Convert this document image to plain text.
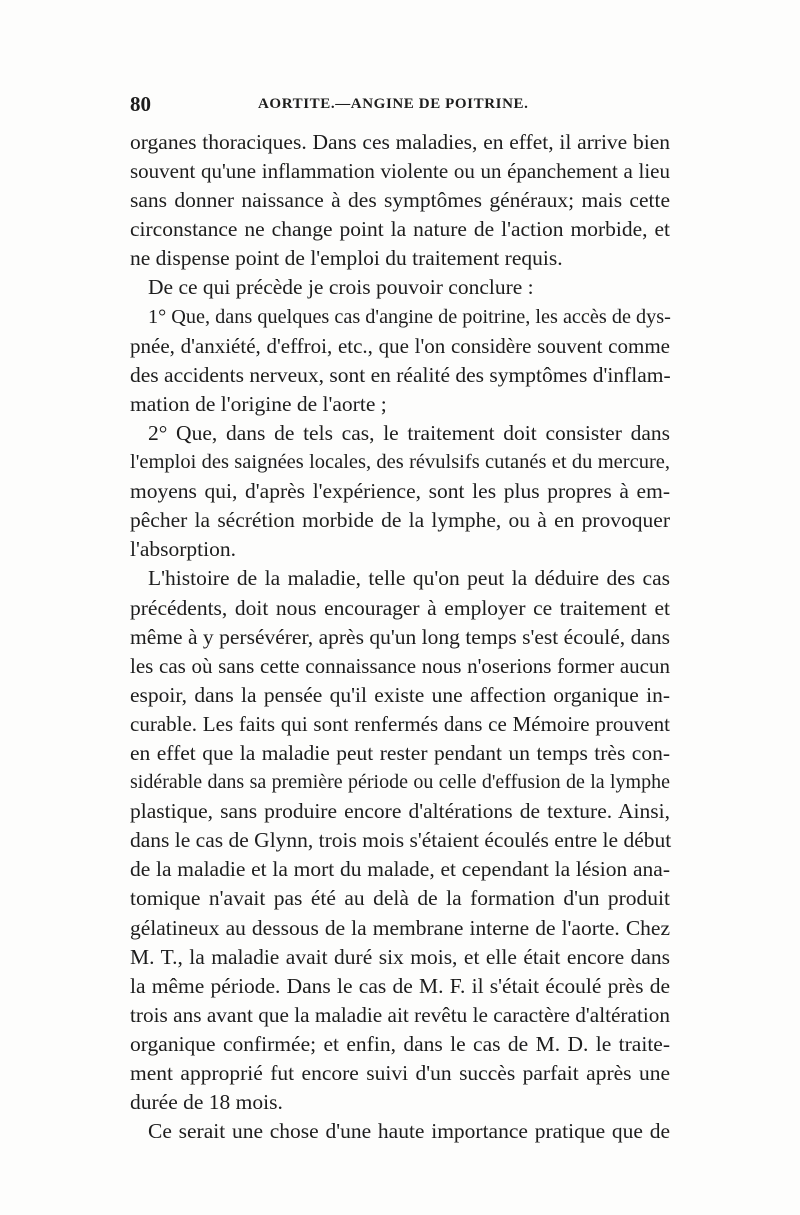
80	AORTITE.—ANGINE DE POITRINE.
organes thoraciques. Dans ces maladies, en effet, il arrive bien
souvent qu'une inflammation violente ou un épanchement a lieu
sans donner naissance à des symptômes généraux; mais cette
circonstance ne change point la nature de l'action morbide, et
ne dispense point de l'emploi du traitement requis.
De ce qui précède je crois pouvoir conclure :
1° Que, dans quelques cas d'angine de poitrine, les accès de dys-
pnée, d'anxiété, d'effroi, etc., que l'on considère souvent comme
des accidents nerveux, sont en réalité des symptômes d'inflam-
mation de l'origine de l'aorte ;
2° Que, dans de tels cas, le traitement doit consister dans
l'emploi des saignées locales, des révulsifs cutanés et du mercure,
moyens qui, d'après l'expérience, sont les plus propres à em-
pêcher la sécrétion morbide de la lymphe, ou à en provoquer
l'absorption.
L'histoire de la maladie, telle qu'on peut la déduire des cas
précédents, doit nous encourager à employer ce traitement et
même à y persévérer, après qu'un long temps s'est écoulé, dans
les cas où sans cette connaissance nous n'oserions former aucun
espoir, dans la pensée qu'il existe une affection organique in-
curable. Les faits qui sont renfermés dans ce Mémoire prouvent
en effet que la maladie peut rester pendant un temps très con-
sidérable dans sa première période ou celle d'effusion de la lymphe
plastique, sans produire encore d'altérations de texture. Ainsi,
dans le cas de Glynn, trois mois s'étaient écoulés entre le début
de la maladie et la mort du malade, et cependant la lésion ana-
tomique n'avait pas été au delà de la formation d'un produit
gélatineux au dessous de la membrane interne de l'aorte. Chez
M. T., la maladie avait duré six mois, et elle était encore dans
la même période. Dans le cas de M. F. il s'était écoulé près de
trois ans avant que la maladie ait revêtu le caractère d'altération
organique confirmée; et enfin, dans le cas de M. D. le traite-
ment approprié fut encore suivi d'un succès parfait après une
durée de 18 mois.
Ce serait une chose d'une haute importance pratique que de
